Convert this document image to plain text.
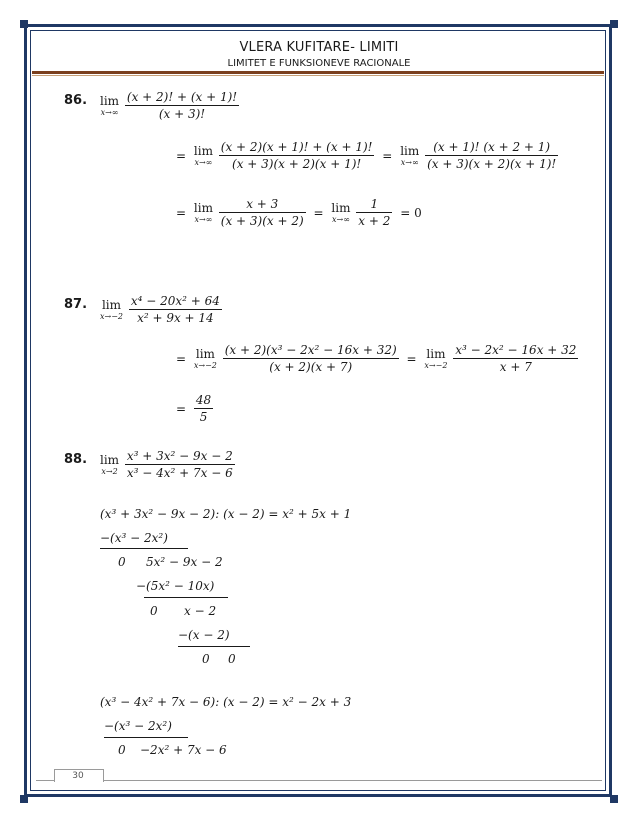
VLERA KUFITARE- LIMITI
LIMITET E FUNKSIONEVE RACIONALE
86. lim
x→∞
$\frac{(x + 2)! + (x + 1)!}{(x + 3)!}$
= lim
x→∞
$\frac{(x + 2)(x + 1)! + (x + 1)!}{(x + 3)(x + 2)(x + 1)!} = \lim$
x→∞
$\frac{(x + 1)! (x + 2 + 1)}{(x + 3)(x + 2)(x + 1)!}$
= lim
x→∞
$\frac{x + 3}{(x + 3)(x + 2)} = \lim$
x→∞
$\frac{1}{x + 2} = 0$
87. lim
x→−2
$\frac{\text{x⁴ − 20x² + 64}}{\text{x² + 9x + 14}}$
= lim
x→−2
$\frac{\text{(x + 2)(x³ − 2x² − 16x + 32)}}{(x + 2)(x + 7)} = \lim$
x→−2
$\frac{\text{x³ − 2x² − 16x + 32}}{x + 7}$
= $\frac{48}{5}$
88. lim
x→2
$\frac{\text{x³ + 3x² − 9x − 2}}{\text{x³ − 4x² + 7x − 6}}$
(x³ + 3x² − 9x − 2): (x − 2) = x² + 5x + 1
−(x³ − 2x²)
0 5x² − 9x − 2
−(5x² − 10x)
0 x − 2
−(x − 2)
0 0
(x³ − 4x² + 7x − 6): (x − 2) = x² − 2x + 3
−(x³ − 2x²)
0 −2x² + 7x − 6
30
